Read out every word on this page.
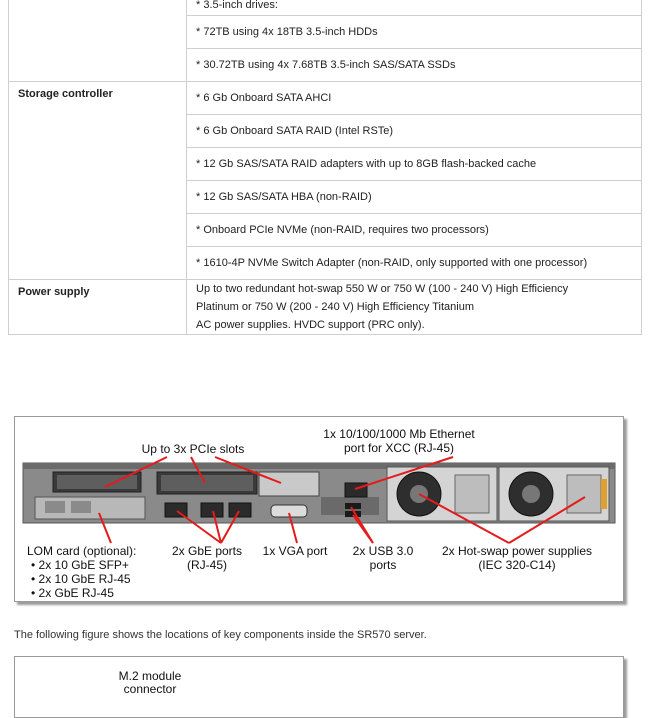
	* 3.5-inch drives:
	* 72TB using 4x 18TB 3.5-inch HDDs
	* 30.72TB using 4x 7.68TB 3.5-inch SAS/SATA SSDs
Storage controller	* 6 Gb Onboard SATA AHCI
	* 6 Gb Onboard SATA RAID (Intel RSTe)
	* 12 Gb SAS/SATA RAID adapters with up to 8GB flash-backed cache
	* 12 Gb SAS/SATA HBA (non-RAID)
	* Onboard PCIe NVMe (non-RAID, requires two processors)
	* 1610-4P NVMe Switch Adapter (non-RAID, only supported with one processor)
Power supply	Up to two redundant hot-swap 550 W or 750 W (100 - 240 V) High Efficiency
Platinum or 750 W (200 - 240 V) High Efficiency Titanium
AC power supplies. HVDC support (PRC only).
Up to 3x PCIe slots
1x 10/100/1000 Mb Ethernet
port for XCC (RJ-45)
LOM card (optional):
• 2x 10 GbE SFP+
• 2x 10 GbE RJ-45
• 2x GbE RJ-45
2x GbE ports
(RJ-45)
1x VGA port 2x USB 3.0
ports
2x Hot-swap power supplies
(IEC 320-C14)
The following figure shows the locations of key components inside the SR570 server.
M.2 module
connector
